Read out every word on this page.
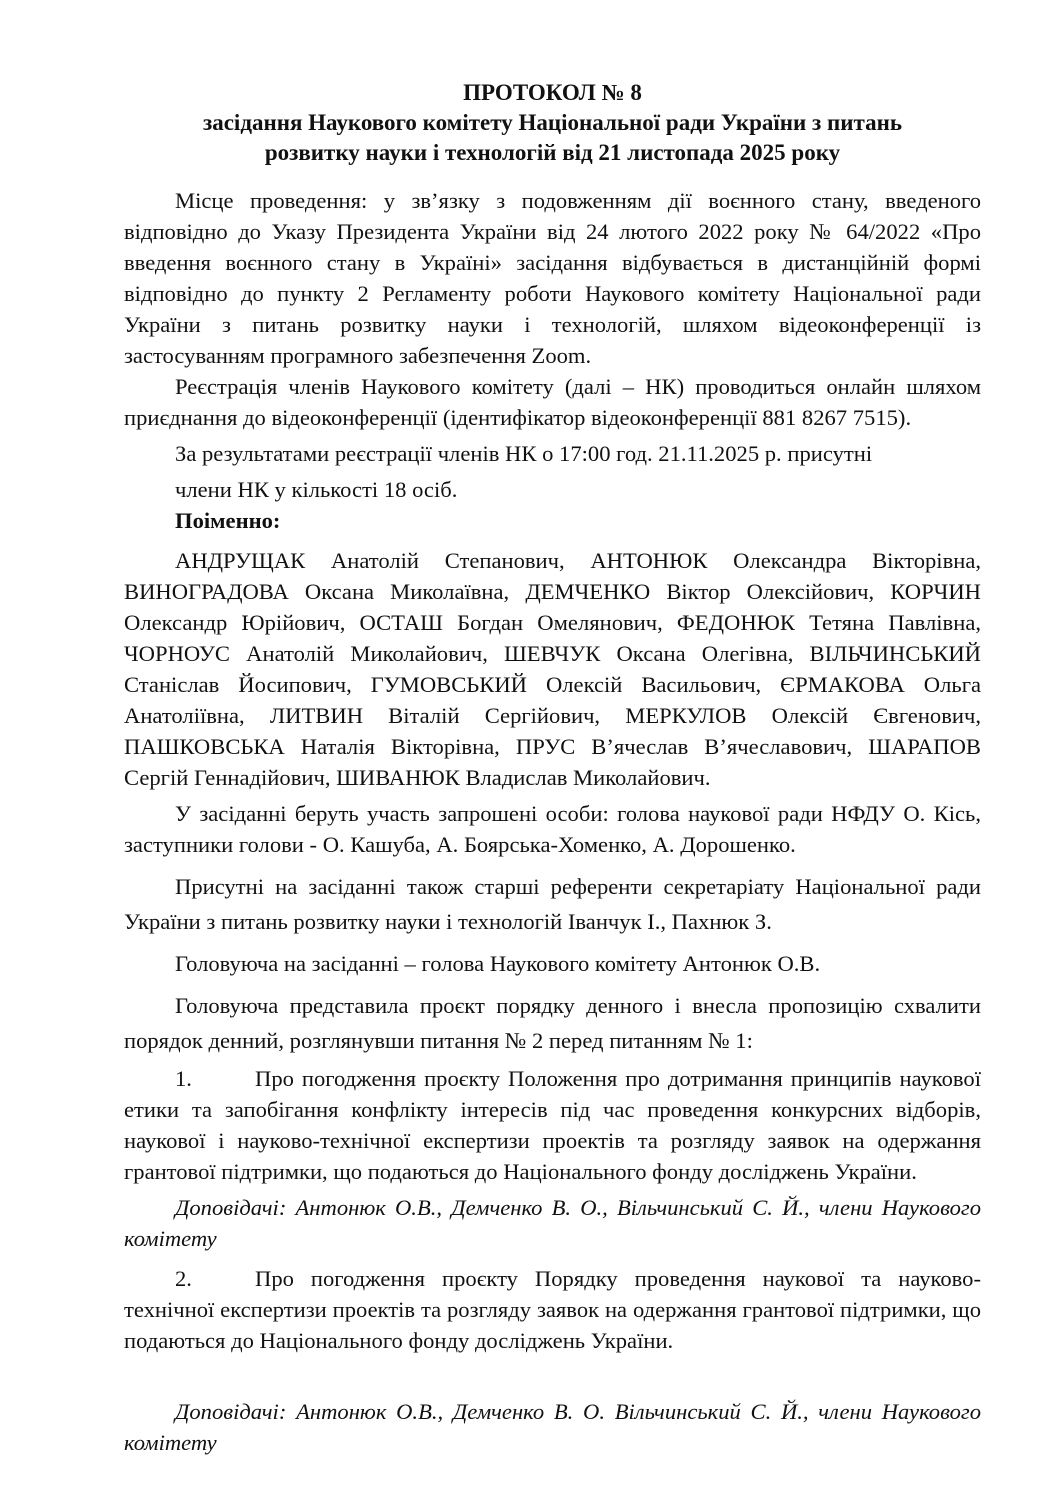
ПРОТОКОЛ № 8

засідання Наукового комітету Національної ради України з питань

розвитку науки і технологій від 21 листопада 2025 року

Місце проведення: у зв’язку з подовженням дії воєнного стану, введеного відповідно до Указу Президента України від 24 лютого 2022 року № 64/2022 «Про введення воєнного стану в Україні» засідання відбувається в дистанційній формі відповідно до пункту 2 Регламенту роботи Наукового комітету Національної ради України з питань розвитку науки і технологій, шляхом відеоконференції із застосуванням програмного забезпечення Zoom.

Реєстрація членів Наукового комітету (далі – НК) проводиться онлайн шляхом приєднання до відеоконференції (ідентифікатор відеоконференції 881 8267 7515).

За результатами реєстрації членів НК о 17:00 год. 21.11.2025 р. присутні

члени НК у кількості 18 осіб.

Поіменно:

АНДРУЩАК Анатолій Степанович, АНТОНЮК Олександра Вікторівна, ВИНОГРАДОВА Оксана Миколаївна, ДЕМЧЕНКО Віктор Олексійович, КОРЧИН Олександр Юрійович, ОСТАШ Богдан Омелянович, ФЕДОНЮК Тетяна Павлівна, ЧОРНОУС Анатолій Миколайович, ШЕВЧУК Оксана Олегівна, ВІЛЬЧИНСЬКИЙ Станіслав Йосипович, ГУМОВСЬКИЙ Олексій Васильович, ЄРМАКОВА Ольга Анатоліївна, ЛИТВИН Віталій Сергійович, МЕРКУЛОВ Олексій Євгенович, ПАШКОВСЬКА Наталія Вікторівна, ПРУС В’ячеслав В’ячеславович, ШАРАПОВ Сергій Геннадійович, ШИВАНЮК Владислав Миколайович.

У засіданні беруть участь запрошені особи: голова наукової ради НФДУ О. Кісь, заступники голови - О. Кашуба, А. Боярська-Хоменко, А. Дорошенко.

Присутні на засіданні також старші референти секретаріату Національної ради України з питань розвитку науки і технологій Іванчук І., Пахнюк З.

Головуюча на засіданні – голова Наукового комітету Антонюк О.В.

Головуюча представила проєкт порядку денного і внесла пропозицію схвалити порядок денний, розглянувши питання № 2 перед питанням № 1:

1.	Про погодження проєкту Положення про дотримання принципів наукової етики та запобігання конфлікту інтересів під час проведення конкурсних відборів, наукової і науково-технічної експертизи проектів та розгляду заявок на одержання грантової підтримки, що подаються до Національного фонду досліджень України.

Доповідачі: Антонюк О.В., Демченко В. О., Вільчинський С. Й., члени Наукового комітету

2.	Про погодження проєкту Порядку проведення наукової та науково-технічної експертизи проектів та розгляду заявок на одержання грантової підтримки, що подаються до Національного фонду досліджень України.

Доповідачі: Антонюк О.В., Демченко В. О. Вільчинський С. Й., члени Наукового комітету
